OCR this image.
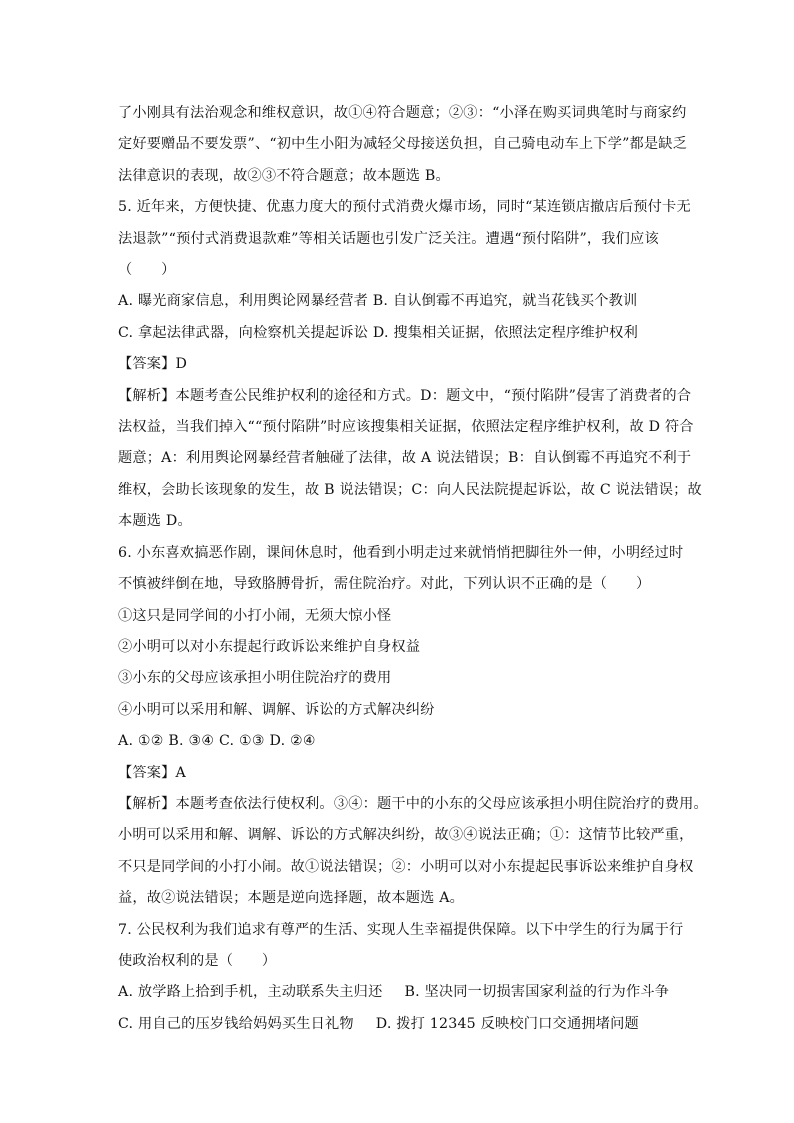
了小刚具有法治观念和维权意识，故①④符合题意；②③：“小泽在购买词典笔时与商家约

定好要赠品不要发票”、“初中生小阳为减轻父母接送负担，自己骑电动车上下学”都是缺乏

法律意识的表现，故②③不符合题意；故本题选 B。

5. 近年来，方便快捷、优惠力度大的预付式消费火爆市场，同时“某连锁店撤店后预付卡无

法退款”“预付式消费退款难”等相关话题也引发广泛关注。遭遇“预付陷阱”，我们应该

（　　）

A. 曝光商家信息，利用舆论网暴经营者 B. 自认倒霉不再追究，就当花钱买个教训

C. 拿起法律武器，向检察机关提起诉讼 D. 搜集相关证据，依照法定程序维护权利

【答案】D

【解析】本题考查公民维护权利的途径和方式。D：题文中，“预付陷阱”侵害了消费者的合

法权益，当我们掉入““预付陷阱”时应该搜集相关证据，依照法定程序维护权利，故 D 符合

题意；A：利用舆论网暴经营者触碰了法律，故 A 说法错误；B：自认倒霉不再追究不利于

维权，会助长该现象的发生，故 B 说法错误；C：向人民法院提起诉讼，故 C 说法错误；故

本题选 D。

6. 小东喜欢搞恶作剧，课间休息时，他看到小明走过来就悄悄把脚往外一伸，小明经过时

不慎被绊倒在地，导致胳膊骨折，需住院治疗。对此，下列认识不正确的是（　　）

①这只是同学间的小打小闹，无须大惊小怪

②小明可以对小东提起行政诉讼来维护自身权益

③小东的父母应该承担小明住院治疗的费用

④小明可以采用和解、调解、诉讼的方式解决纠纷

A. ①② B. ③④ C. ①③ D. ②④

【答案】A

【解析】本题考查依法行使权利。③④：题干中的小东的父母应该承担小明住院治疗的费用。

小明可以采用和解、调解、诉讼的方式解决纠纷，故③④说法正确；①：这情节比较严重，

不只是同学间的小打小闹。故①说法错误；②：小明可以对小东提起民事诉讼来维护自身权

益，故②说法错误；本题是逆向选择题，故本题选 A。

7. 公民权利为我们追求有尊严的生活、实现人生幸福提供保障。以下中学生的行为属于行

使政治权利的是（　　）

A. 放学路上拾到手机，主动联系失主归还 B. 坚决同一切损害国家利益的行为作斗争

C. 用自己的压岁钱给妈妈买生日礼物 D. 拨打 12345 反映校门口交通拥堵问题
